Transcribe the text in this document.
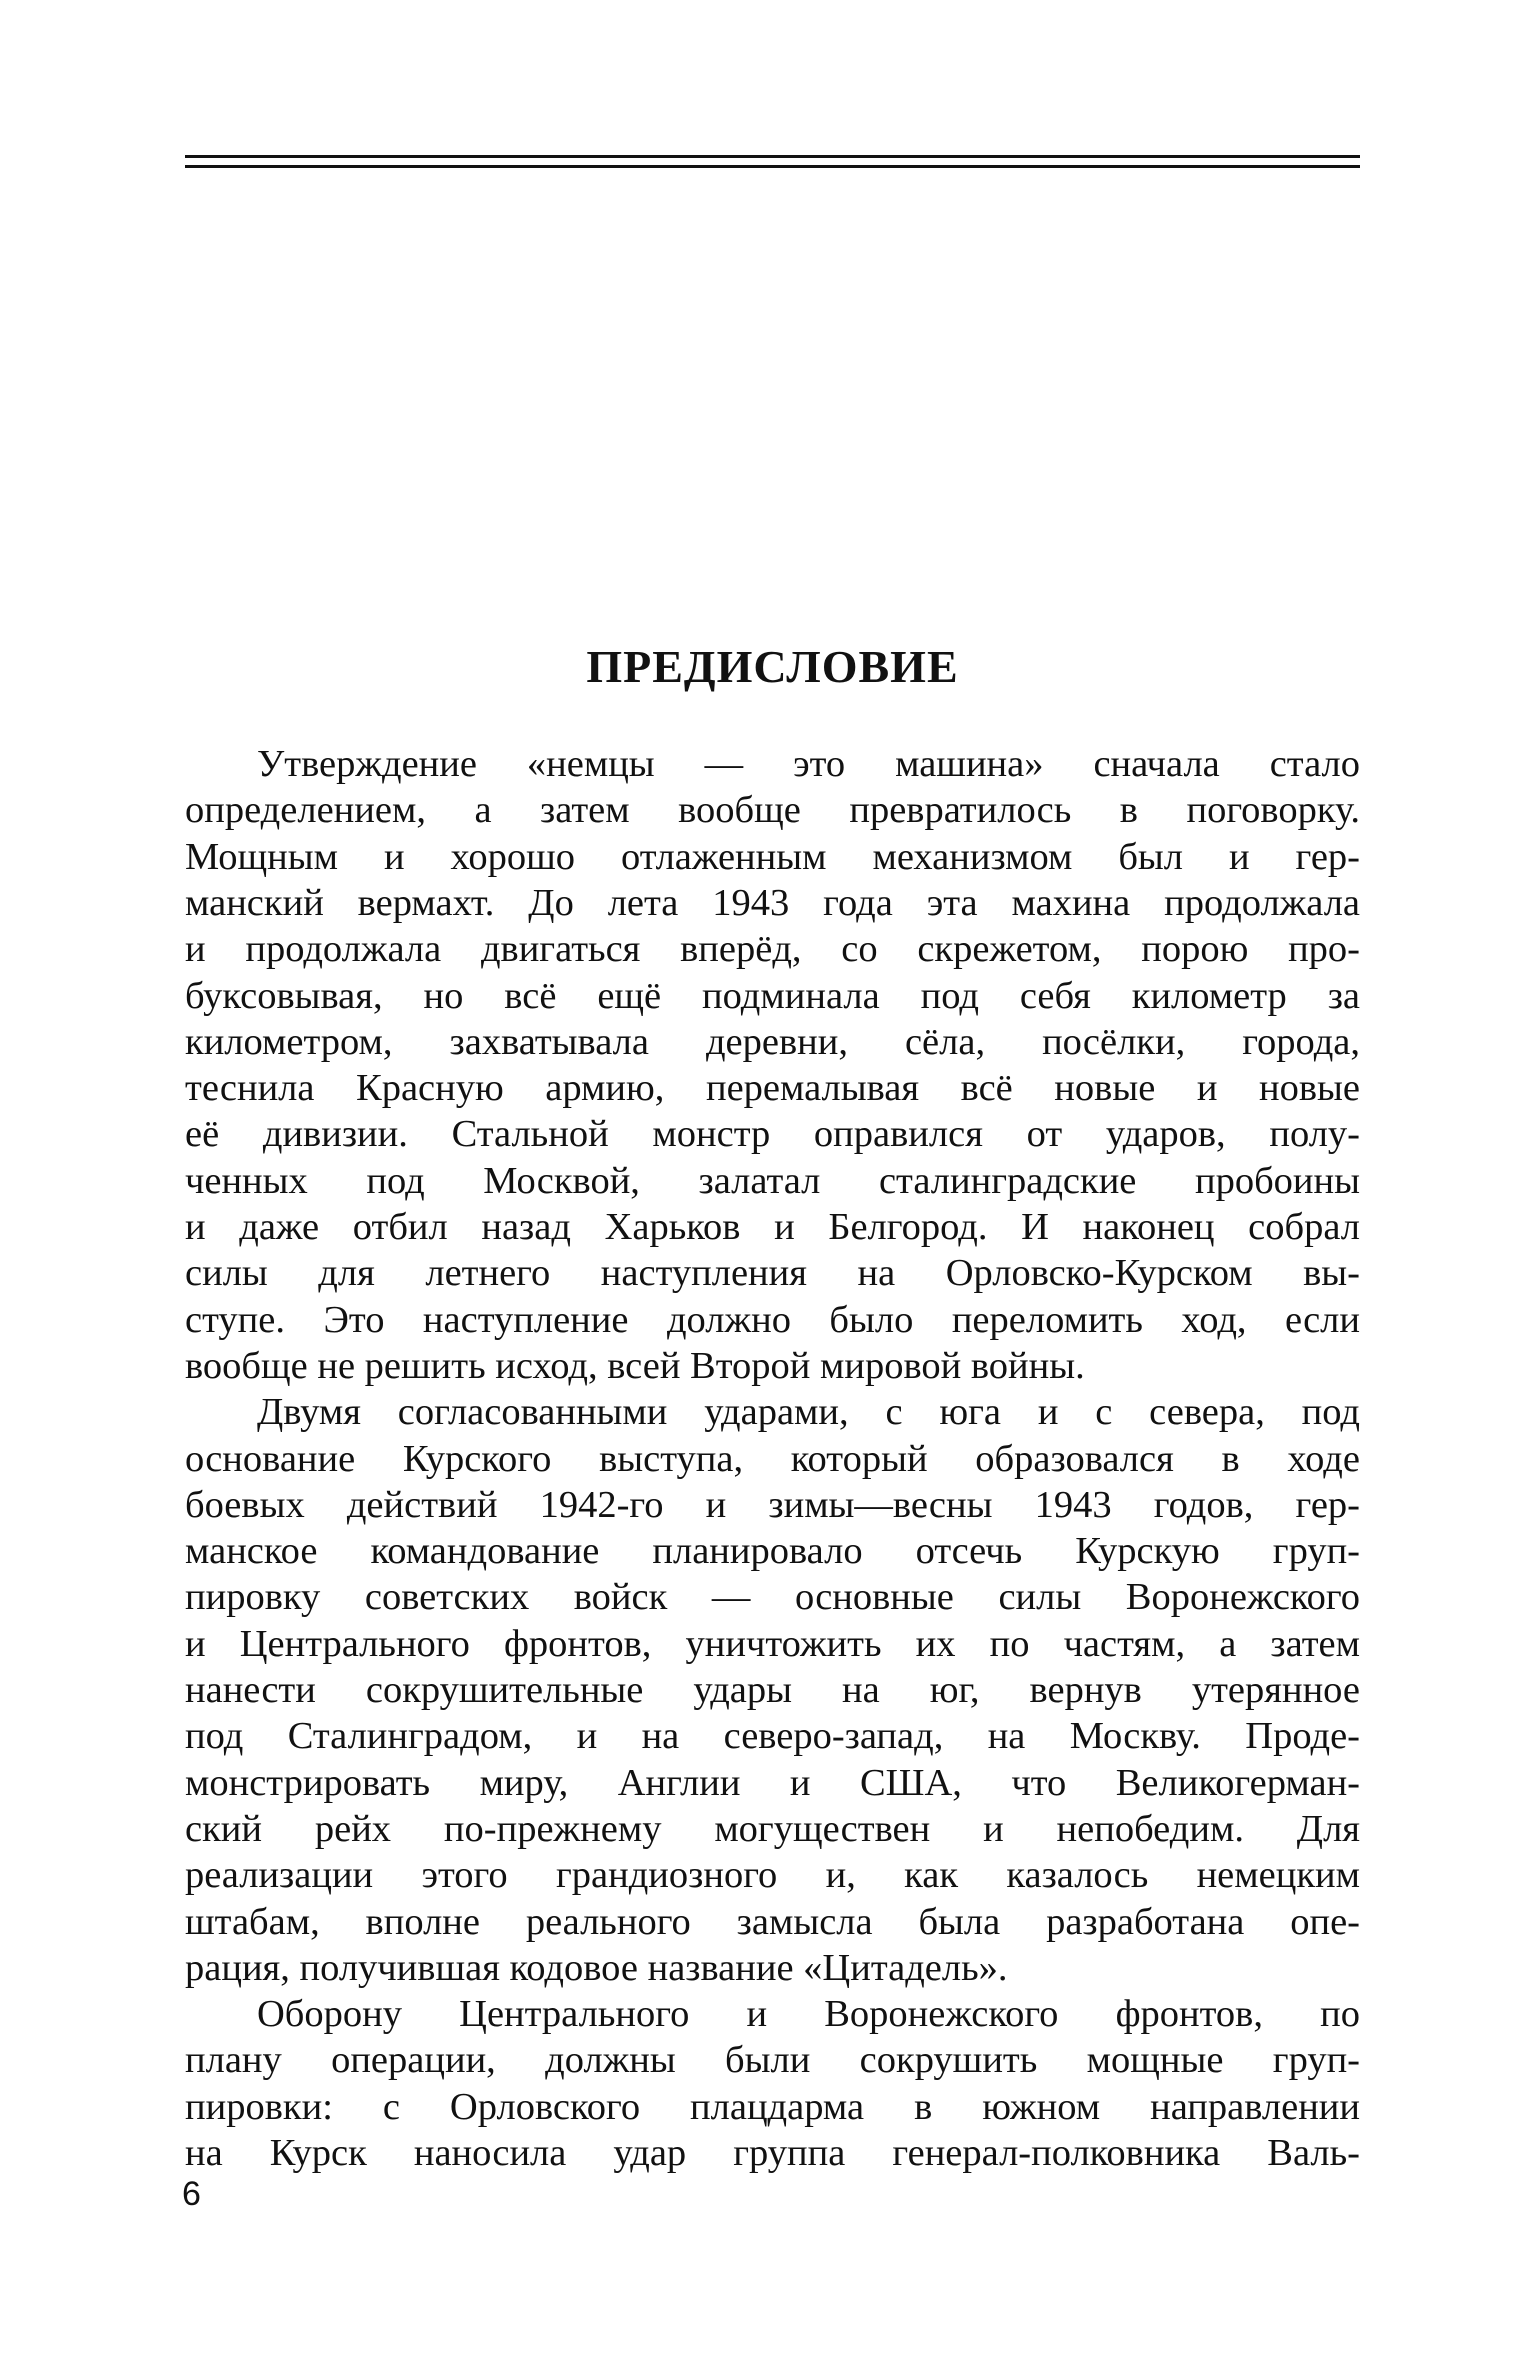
ПРЕДИСЛОВИЕ
Утверждение «немцы — это машина» сначала стало
определением, а затем вообще превратилось в поговорку.
Мощным и хорошо отлаженным механизмом был и гер-
манский вермахт. До лета 1943 года эта махина продолжала
и продолжала двигаться вперёд, со скрежетом, порою про-
буксовывая, но всё ещё подминала под себя километр за
километром, захватывала деревни, сёла, посёлки, города,
теснила Красную армию, перемалывая всё новые и новые
её дивизии. Стальной монстр оправился от ударов, полу-
ченных под Москвой, залатал сталинградские пробоины
и даже отбил назад Харьков и Белгород. И наконец собрал
силы для летнего наступления на Орловско-Курском вы-
ступе. Это наступление должно было переломить ход, если
вообще не решить исход, всей Второй мировой войны.
Двумя согласованными ударами, с юга и с севера, под
основание Курского выступа, который образовался в ходе
боевых действий 1942-го и зимы—весны 1943 годов, гер-
манское командование планировало отсечь Курскую груп-
пировку советских войск — основные силы Воронежского
и Центрального фронтов, уничтожить их по частям, а затем
нанести сокрушительные удары на юг, вернув утерянное
под Сталинградом, и на северо-запад, на Москву. Проде-
монстрировать миру, Англии и США, что Великогерман-
ский рейх по-прежнему могуществен и непобедим. Для
реализации этого грандиозного и, как казалось немецким
штабам, вполне реального замысла была разработана опе-
рация, получившая кодовое название «Цитадель».
Оборону Центрального и Воронежского фронтов, по
плану операции, должны были сокрушить мощные груп-
пировки: с Орловского плацдарма в южном направлении
на Курск наносила удар группа генерал-полковника Валь-
6
